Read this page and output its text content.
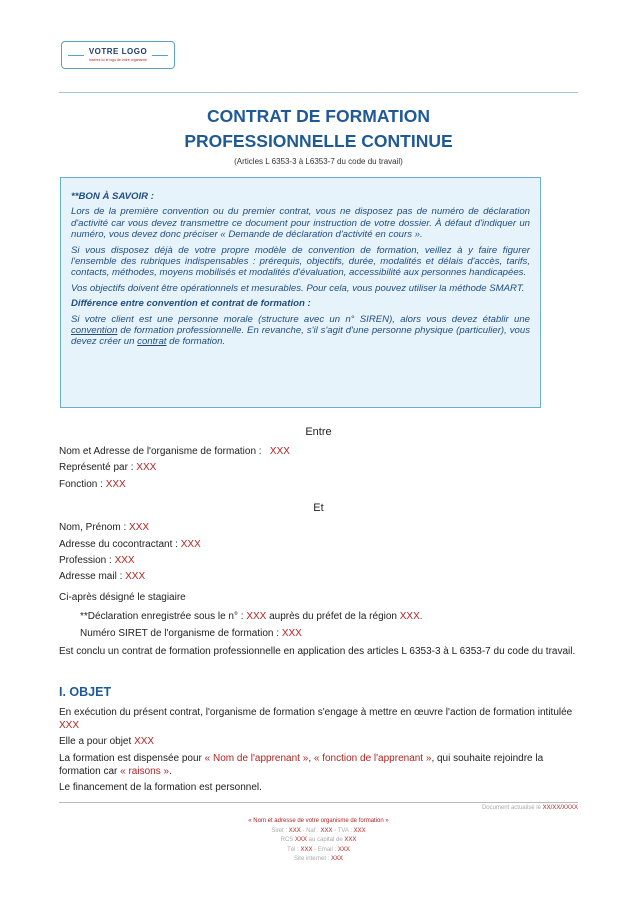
VOTRE LOGO
Insérez ici le logo de votre organisme
CONTRAT DE FORMATION
PROFESSIONNELLE CONTINUE
(Articles L 6353-3 à L6353-7 du code du travail)

**BON À SAVOIR :

Lors de la première convention ou du premier contrat, vous ne disposez pas de numéro de déclaration d'activité car vous devez transmettre ce document pour instruction de votre dossier. À défaut d'indiquer un numéro, vous devez donc préciser « Demande de déclaration d'activité en cours ».

Si vous disposez déjà de votre propre modèle de convention de formation, veillez à y faire figurer l'ensemble des rubriques indispensables : prérequis, objectifs, durée, modalités et délais d'accès, tarifs, contacts, méthodes, moyens mobilisés et modalités d'évaluation, accessibilité aux personnes handicapées.

Vos objectifs doivent être opérationnels et mesurables. Pour cela, vous pouvez utiliser la méthode SMART.

Différence entre convention et contrat de formation :

Si votre client est une personne morale (structure avec un n° SIREN), alors vous devez établir une convention de formation professionnelle. En revanche, s'il s'agit d'une personne physique (particulier), vous devez créer un contrat de formation.

Entre
Nom et Adresse de l'organisme de formation : XXX
Représenté par : XXX
Fonction : XXX
Et
Nom, Prénom : XXX
Adresse du cocontractant : XXX
Profession : XXX
Adresse mail : XXX
Ci-après désigné le stagiaire
**Déclaration enregistrée sous le n° : XXX auprès du préfet de la région XXX.
Numéro SIRET de l'organisme de formation : XXX
Est conclu un contrat de formation professionnelle en application des articles L 6353-3 à L 6353-7 du code du travail.
I. OBJET
En exécution du présent contrat, l'organisme de formation s'engage à mettre en œuvre l'action de formation intitulée XXX
Elle a pour objet XXX
La formation est dispensée pour « Nom de l'apprenant », « fonction de l'apprenant », qui souhaite rejoindre la formation car « raisons ».
Le financement de la formation est personnel.
Document actualisé le XX/XX/XXXX
« Nom et adresse de votre organisme de formation »
Siret : XXX - Naf : XXX - TVA : XXX
RCS XXX au capital de XXX
Tél : XXX - Email : XXX
Site internet : XXX
